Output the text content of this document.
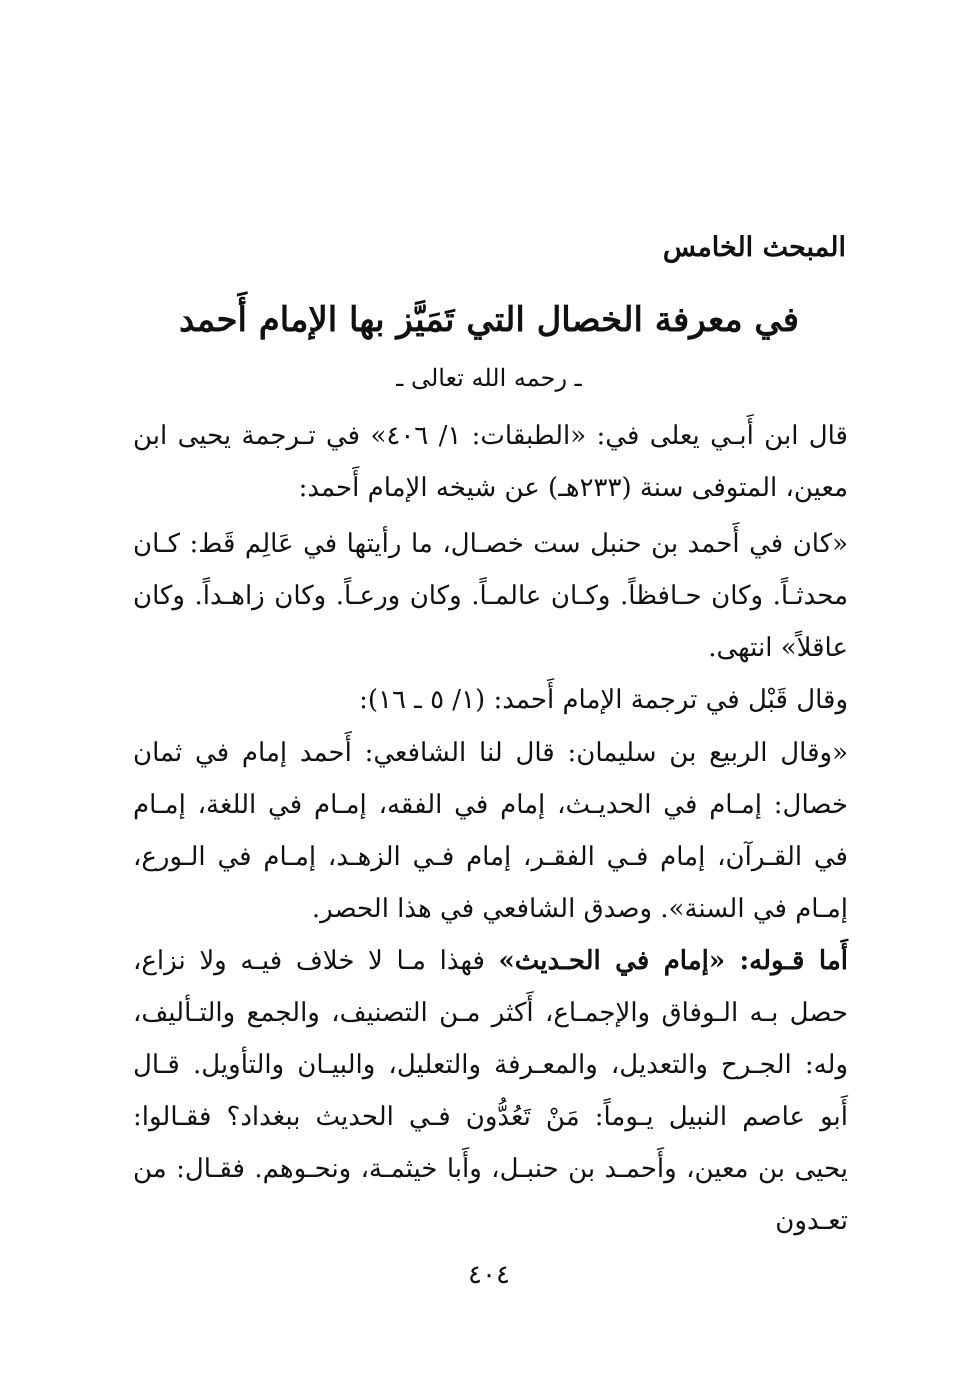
المبحث الخامس
في معرفة الخصال التي تَمَيَّز بها الإمام أَحمد
ـ رحمه الله تعالى ـ

قال ابن أَبـي يعلى في: «الطبقات: ١/ ٤٠٦» في تـرجمة يحيى ابن معين، المتوفى سنة (٢٣٣هـ) عن شيخه الإمام أَحمد:

«كان في أَحمد بن حنبل ست خصـال، ما رأيتها في عَالِم قَط: كـان محدثـاً. وكان حـافظاً. وكـان عالمـاً. وكان ورعـاً. وكان زاهـداً. وكان عاقلاً» انتهى.

وقال قَبْل في ترجمة الإمام أَحمد: (١/ ٥ ـ ١٦):

«وقال الربيع بن سليمان: قال لنا الشافعي: أَحمد إمام في ثمان خصال: إمـام في الحديـث، إمام في الفقه، إمـام في اللغة، إمـام في القـرآن، إمام فـي الفقـر، إمام فـي الزهـد، إمـام في الـورع، إمـام في السنة». وصدق الشافعي في هذا الحصر.

أَما قـوله: «إمام في الحـديث» فهذا مـا لا خلاف فيـه ولا نزاع، حصل بـه الـوفاق والإجمـاع، أَكثر مـن التصنيف، والجمع والتـأليف، وله: الجـرح والتعديل، والمعـرفة والتعليل، والبيـان والتأويل. قـال أَبو عاصم النبيل يـوماً: مَنْ تَعُدُّون فـي الحديث ببغداد؟ فقـالوا: يحيى بن معين، وأَحمـد بن حنبـل، وأَبا خيثمـة، ونحـوهم. فقـال: من تعـدون

٤٠٤
